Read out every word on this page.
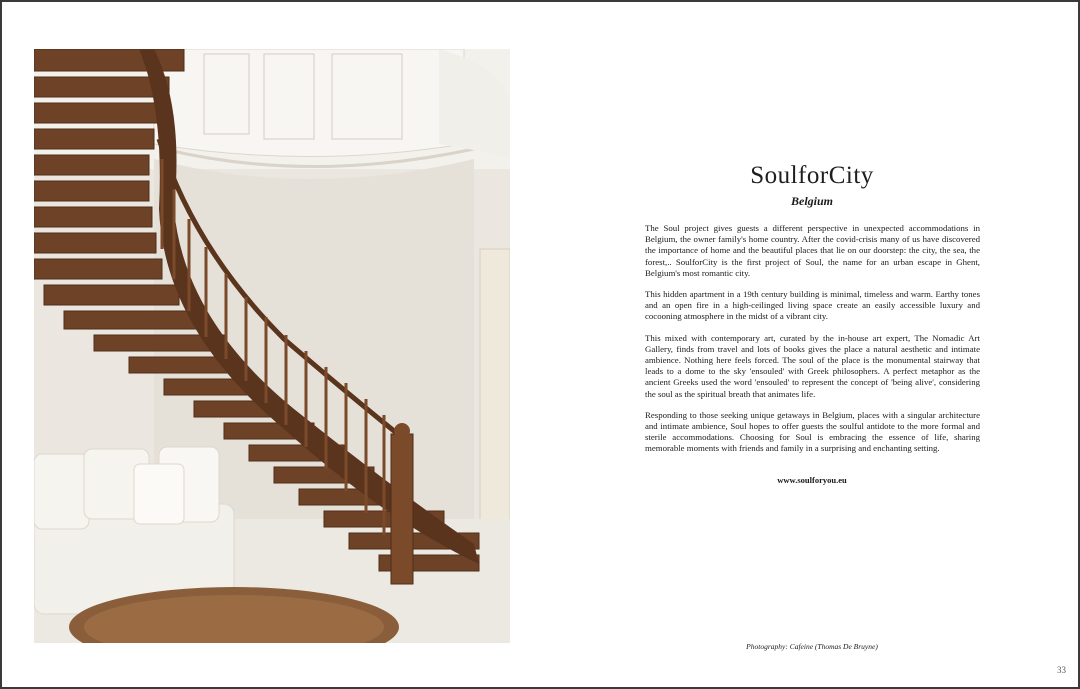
SoulforCity
Belgium

The Soul project gives guests a different perspective in unexpected accommodations in Belgium, the owner family's home country. After the covid-crisis many of us have discovered the importance of home and the beautiful places that lie on our doorstep: the city, the sea, the forest,.. SoulforCity is the first project of Soul, the name for an urban escape in Ghent, Belgium's most romantic city.

This hidden apartment in a 19th century building is minimal, timeless and warm. Earthy tones and an open fire in a high-ceilinged living space create an easily accessible luxury and cocooning atmosphere in the midst of a vibrant city.

This mixed with contemporary art, curated by the in-house art expert, The Nomadic Art Gallery, finds from travel and lots of books gives the place a natural aesthetic and intimate ambience. Nothing here feels forced. The soul of the place is the monumental stairway that leads to a dome to the sky 'ensouled' with Greek philosophers. A perfect metaphor as the ancient Greeks used the word 'ensouled' to represent the concept of 'being alive', considering the soul as the spiritual breath that animates life.

Responding to those seeking unique getaways in Belgium, places with a singular architecture and intimate ambience, Soul hopes to offer guests the soulful antidote to the more formal and sterile accommodations. Choosing for Soul is embracing the essence of life, sharing memorable moments with friends and family in a surprising and enchanting setting.

www.soulforyou.eu
Photography: Cafeine (Thomas De Bruyne)
33
